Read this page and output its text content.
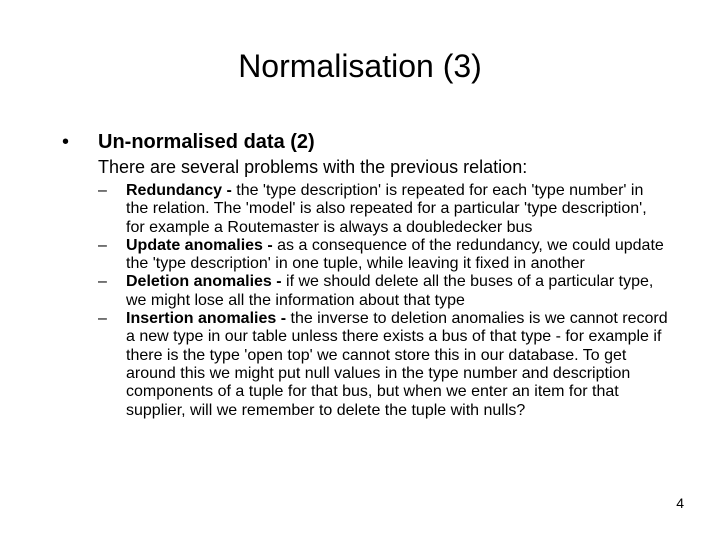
Normalisation (3)
• Un-normalised data (2)
There are several problems with the previous relation:
– Redundancy - the 'type description' is repeated for each 'type number' in the relation. The 'model' is also repeated for a particular 'type description', for example a Routemaster is always a doubledecker bus
– Update anomalies - as a consequence of the redundancy, we could update the 'type description' in one tuple, while leaving it fixed in another
– Deletion anomalies - if we should delete all the buses of a particular type, we might lose all the information about that type
– Insertion anomalies - the inverse to deletion anomalies is we cannot record a new type in our table unless there exists a bus of that type - for example if there is the type 'open top' we cannot store this in our database. To get around this we might put null values in the type number and description components of a tuple for that bus, but when we enter an item for that supplier, will we remember to delete the tuple with nulls?
4
